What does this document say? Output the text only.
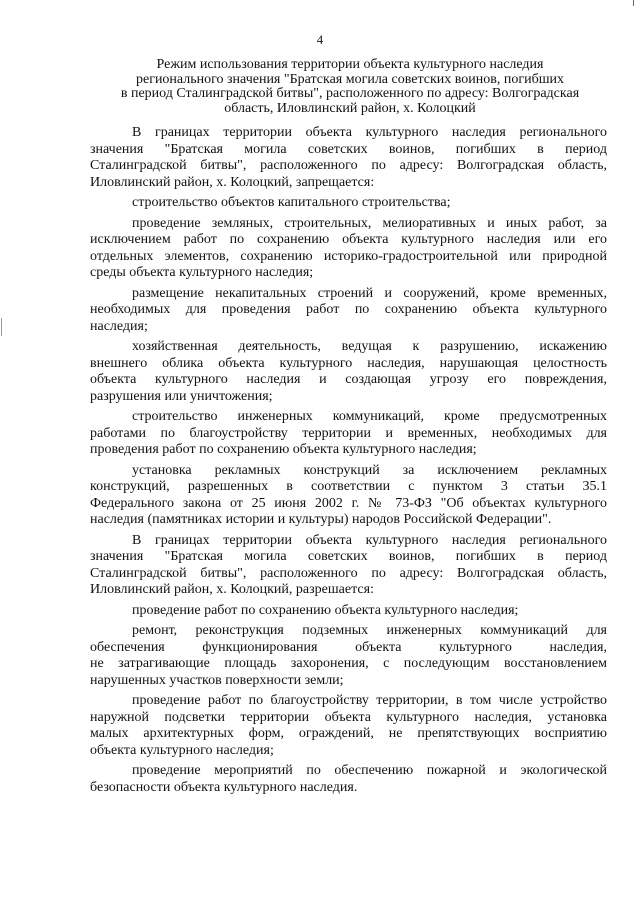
4
Режим использования территории объекта культурного наследия
регионального значения "Братская могила советских воинов, погибших
в период Сталинградской битвы", расположенного по адресу: Волгоградская
область, Иловлинский район, х. Колоцкий
В границах территории объекта культурного наследия регионального
значения "Братская могила советских воинов, погибших в период
Сталинградской битвы", расположенного по адресу: Волгоградская область,
Иловлинский район, х. Колоцкий, запрещается:
строительство объектов капитального строительства;
проведение земляных, строительных, мелиоративных и иных работ, за
исключением работ по сохранению объекта культурного наследия или его
отдельных элементов, сохранению историко-градостроительной или природной
среды объекта культурного наследия;
размещение некапитальных строений и сооружений, кроме временных,
необходимых для проведения работ по сохранению объекта культурного
наследия;
хозяйственная деятельность, ведущая к разрушению, искажению
внешнего облика объекта культурного наследия, нарушающая целостность
объекта культурного наследия и создающая угрозу его повреждения,
разрушения или уничтожения;
строительство инженерных коммуникаций, кроме предусмотренных
работами по благоустройству территории и временных, необходимых для
проведения работ по сохранению объекта культурного наследия;
установка рекламных конструкций за исключением рекламных
конструкций, разрешенных в соответствии с пунктом 3 статьи 35.1
Федерального закона от 25 июня 2002 г. № 73-ФЗ "Об объектах культурного
наследия (памятниках истории и культуры) народов Российской Федерации".
В границах территории объекта культурного наследия регионального
значения "Братская могила советских воинов, погибших в период
Сталинградской битвы", расположенного по адресу: Волгоградская область,
Иловлинский район, х. Колоцкий, разрешается:
проведение работ по сохранению объекта культурного наследия;
ремонт, реконструкция подземных инженерных коммуникаций для
обеспечения функционирования объекта культурного наследия,
не затрагивающие площадь захоронения, с последующим восстановлением
нарушенных участков поверхности земли;
проведение работ по благоустройству территории, в том числе устройство
наружной подсветки территории объекта культурного наследия, установка
малых архитектурных форм, ограждений, не препятствующих восприятию
объекта культурного наследия;
проведение мероприятий по обеспечению пожарной и экологической
безопасности объекта культурного наследия.
